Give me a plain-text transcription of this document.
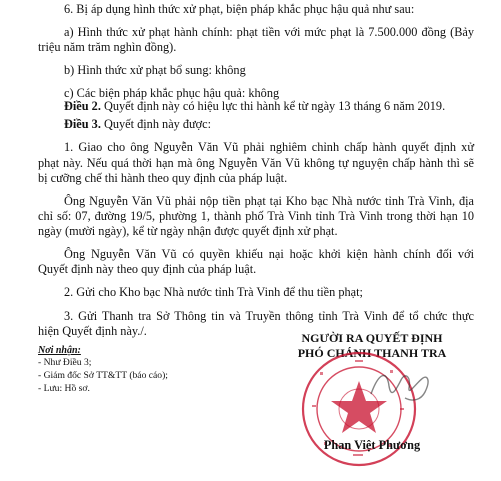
6. Bị áp dụng hình thức xử phạt, biện pháp khắc phục hậu quả như sau:

a) Hình thức xử phạt hành chính: phạt tiền với mức phạt là 7.500.000 đồng (Bảy

triệu năm trăm nghìn đồng).

b) Hình thức xử phạt bổ sung: không

c) Các biện pháp khắc phục hậu quả: không

Điều 2. Quyết định này có hiệu lực thi hành kể từ ngày 13 tháng 6 năm 2019.

Điều 3. Quyết định này được:

1. Giao cho ông Nguyễn Văn Vũ phải nghiêm chỉnh chấp hành quyết định xử

phạt này. Nếu quá thời hạn mà ông Nguyễn Văn Vũ không tự nguyện chấp hành thì sẽ

bị cưỡng chế thi hành theo quy định của pháp luật.

Ông Nguyễn Văn Vũ phải nộp tiền phạt tại Kho bạc Nhà nước tỉnh Trà Vinh, địa

chỉ số: 07, đường 19/5, phường 1, thành phố Trà Vinh tỉnh Trà Vinh trong thời hạn 10

ngày (mười ngày), kể từ ngày nhận được quyết định xử phạt.

Ông Nguyễn Văn Vũ có quyền khiếu nại hoặc khởi kiện hành chính đối với

Quyết định này theo quy định của pháp luật.

2. Gửi cho Kho bạc Nhà nước tỉnh Trà Vinh để thu tiền phạt;

3. Gửi Thanh tra Sở Thông tin và Truyền thông tỉnh Trà Vinh để tổ chức thực

hiện Quyết định này./.

Nơi nhận:

- Như Điều 3;

- Giám đốc Sở TT&TT (báo cáo);

- Lưu: Hồ sơ.

NGƯỜI RA QUYẾT ĐỊNH

PHÓ CHÁNH THANH TRA

Phan Việt Phương
